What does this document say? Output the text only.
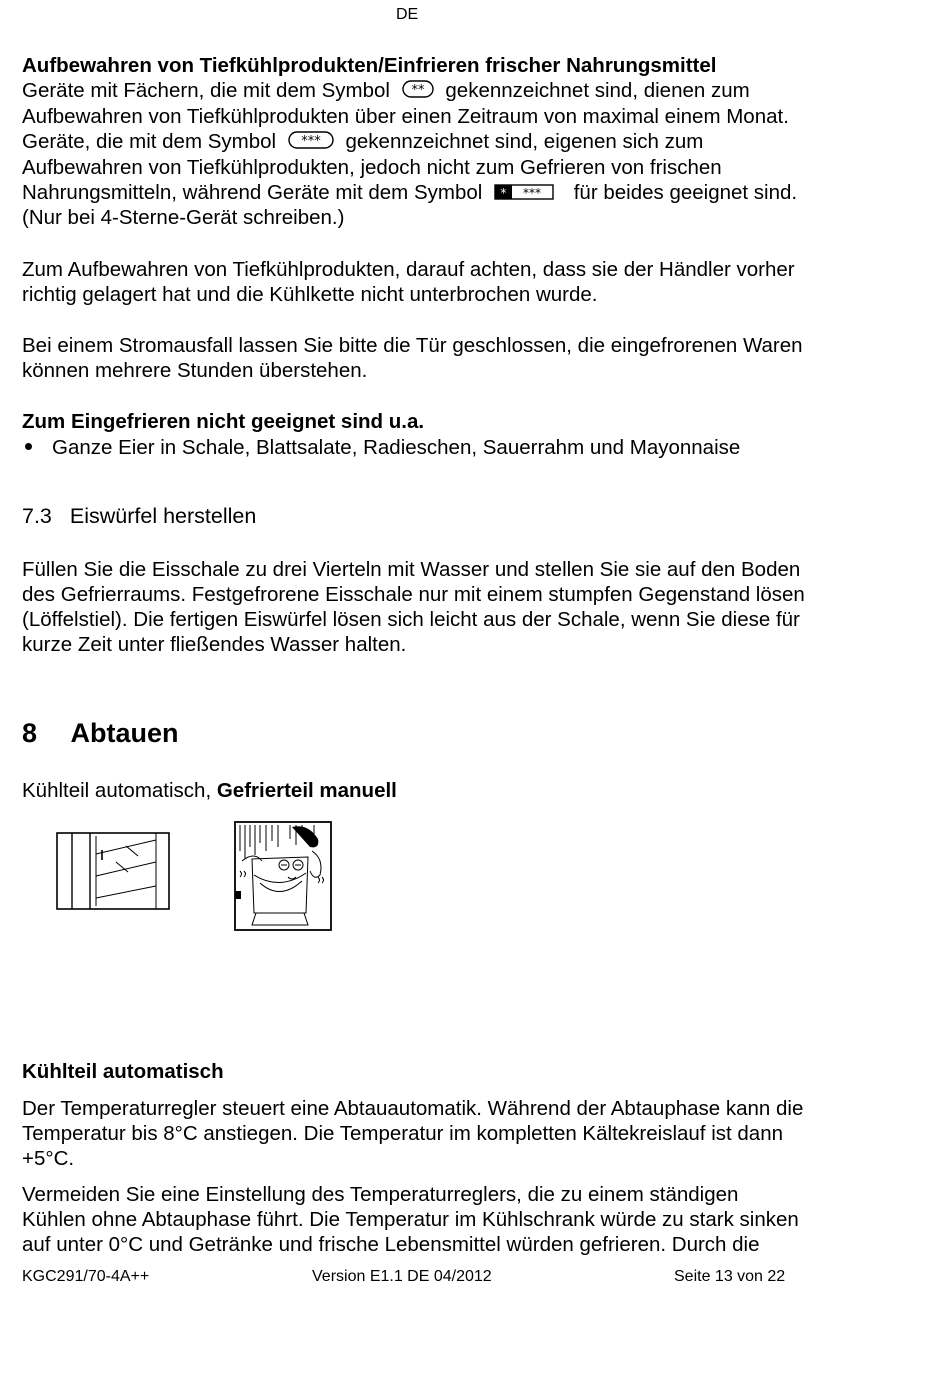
DE
Aufbewahren von Tiefkühlprodukten/Einfrieren frischer Nahrungsmittel
Geräte mit Fächern, die mit dem Symbol ** gekennzeichnet sind, dienen zum
Aufbewahren von Tiefkühlprodukten über einen Zeitraum von maximal einem Monat.
Geräte, die mit dem Symbol *** gekennzeichnet sind, eigenen sich zum
Aufbewahren von Tiefkühlprodukten, jedoch nicht zum Gefrieren von frischen
Nahrungsmitteln, während Geräte mit dem Symbol * *** für beides geeignet sind.
(Nur bei 4-Sterne-Gerät schreiben.)
Zum Aufbewahren von Tiefkühlprodukten, darauf achten, dass sie der Händler vorher
richtig gelagert hat und die Kühlkette nicht unterbrochen wurde.
Bei einem Stromausfall lassen Sie bitte die Tür geschlossen, die eingefrorenen Waren
können mehrere Stunden überstehen.
Zum Eingefrieren nicht geeignet sind u.a.
Ganze Eier in Schale, Blattsalate, Radieschen, Sauerrahm und Mayonnaise
7.3 Eiswürfel herstellen
Füllen Sie die Eisschale zu drei Vierteln mit Wasser und stellen Sie sie auf den Boden
des Gefrierraums. Festgefrorene Eisschale nur mit einem stumpfen Gegenstand lösen
(Löffelstiel). Die fertigen Eiswürfel lösen sich leicht aus der Schale, wenn Sie diese für
kurze Zeit unter fließendes Wasser halten.
8 Abtauen
Kühlteil automatisch, Gefrierteil manuell
Kühlteil automatisch
Der Temperaturregler steuert eine Abtauautomatik. Während der Abtauphase kann die
Temperatur bis 8°C anstiegen. Die Temperatur im kompletten Kältekreislauf ist dann
+5°C.
Vermeiden Sie eine Einstellung des Temperaturreglers, die zu einem ständigen
Kühlen ohne Abtauphase führt. Die Temperatur im Kühlschrank würde zu stark sinken
auf unter 0°C und Getränke und frische Lebensmittel würden gefrieren. Durch die
KGC291/70-4A++	Version E1.1 DE 04/2012	Seite 13 von 22
